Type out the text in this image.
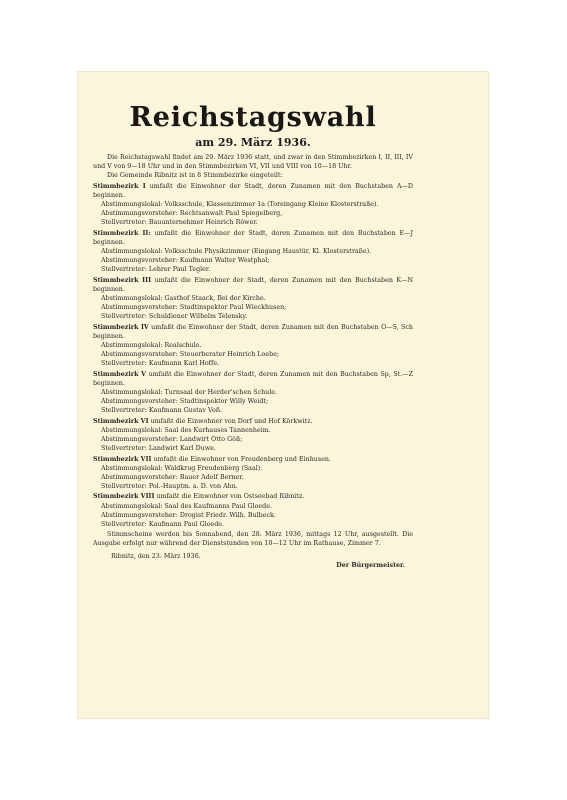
Reichstagswahl
am 29. März 1936.

Die Reichstagswahl findet am 29. März 1936 statt, und zwar in den Stimmbezirken I, II, III, IV und V von 9—18 Uhr und in den Stimmbezirken VI, VII und VIII von 10—18 Uhr.

Die Gemeinde Ribnitz ist in 8 Stimmbezirke eingeteilt:

Stimmbezirk I umfaßt die Einwohner der Stadt, deren Zunamen mit den Buchstaben A—D beginnen.

Abstimmungslokal: Volksschule, Klassenzimmer 1a (Toreingang Kleine Klosterstraße).
Abstimmungsvorsteher: Rechtsanwalt Paul Spiegelberg,
Stellvertreter: Bauunternehmer Heinrich Röwer.

Stimmbezirk II: umfaßt die Einwohner der Stadt, deren Zunamen mit den Buchstaben E—J beginnen.

Abstimmungslokal: Volksschule Physikzimmer (Eingang Haustür, Kl. Klosterstraße).
Abstimmungsvorsteher: Kaufmann Walter Westphal;
Stellvertreter: Lehrer Paul Tegler.

Stimmbezirk III umfaßt die Einwohner der Stadt, deren Zunamen mit den Buchstaben K—N beginnen.

Abstimmungslokal: Gasthof Staack, Bei der Kirche.
Abstimmungsvorsteher: Stadtinspektor Paul Wieckhusen;
Stellvertreter: Schuldiener Wilhelm Telensky.

Stimmbezirk IV umfaßt die Einwohner der Stadt, deren Zunamen mit den Buchstaben O—S, Sch beginnen.

Abstimmungslokal: Realschule.
Abstimmungsvorsteher: Steuerberater Heinrich Loebe;
Stellvertreter: Kaufmann Karl Hoffe.

Stimmbezirk V umfaßt die Einwohner der Stadt, deren Zunamen mit den Buchstaben Sp, St.—Z beginnen.

Abstimmungslokal: Turnsaal der Herder'schen Schule.
Abstimmungsvorsteher: Stadtinspektor Willy Weidt;
Stellvertreter: Kaufmann Gustav Voß.

Stimmbezirk VI umfaßt die Einwohner von Dorf und Hof Körkwitz.

Abstimmungslokal: Saal des Kurhauses Tannenheim.
Abstimmungsvorsteher: Landwirt Otto Göß;
Stellvertreter: Landwirt Karl Duwe.

Stimmbezirk VII umfaßt die Einwohner von Freudenberg und Einhusen.

Abstimmungslokal: Waldkrug Freudenberg (Saal).
Abstimmungsvorsteher: Bauer Adolf Berner.
Stellvertreter: Pol.-Hauptm. a. D. von Ahn.

Stimmbezirk VIII umfaßt die Einwohner von Ostseebad Ribnitz.

Abstimmungslokal: Saal des Kaufmanns Paul Gloede.
Abstimmungsvorsteher: Drogist Friedr. Wilh. Bulbeck.
Stellvertreter: Kaufmann Paul Gloede.

Stimmscheine werden bis Sonnabend, den 28. März 1936, mittags 12 Uhr, ausgestellt. Die Ausgabe erfolgt nur während der Dienststunden von 10—12 Uhr im Rathause, Zimmer 7.

Ribnitz, den 23. März 1936.
Der Bürgermeister.
